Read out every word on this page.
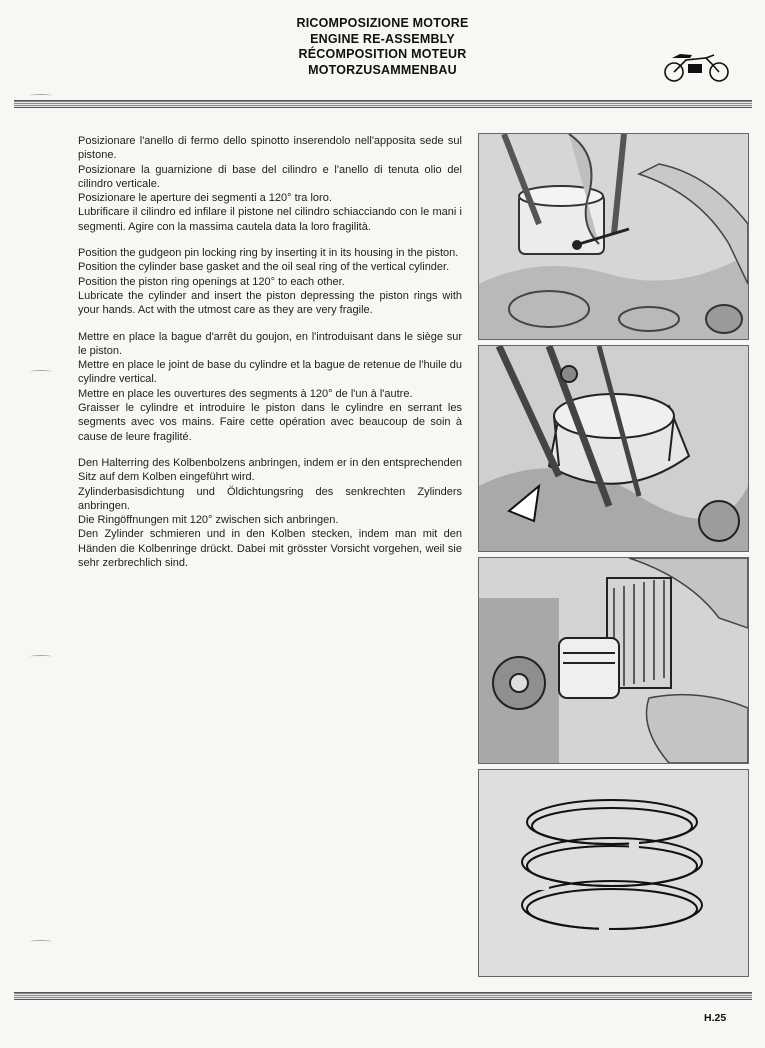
RICOMPOSIZIONE MOTORE
ENGINE RE-ASSEMBLY
RÉCOMPOSITION MOTEUR
MOTORZUSAMMENBAU

Posizionare l'anello di fermo dello spinotto inserendolo nell'apposita sede sul pistone.

Posizionare la guarnizione di base del cilindro e l'anello di tenuta olio del cilindro verticale.

Posizionare le aperture dei segmenti a 120° tra loro.

Lubrificare il cilindro ed infilare il pistone nel cilindro schiacciando con le mani i segmenti. Agire con la massima cautela data la loro fragilità.

Position the gudgeon pin locking ring by inserting it in its housing in the piston.

Position the cylinder base gasket and the oil seal ring of the vertical cylinder.

Position the piston ring openings at 120° to each other.

Lubricate the cylinder and insert the piston depressing the piston rings with your hands. Act with the utmost care as they are very fragile.

Mettre en place la bague d'arrêt du goujon, en l'introduisant dans le siège sur le piston.

Mettre en place le joint de base du cylindre et la bague de retenue de l'huile du cylindre vertical.

Mettre en place les ouvertures des segments à 120° de l'un à l'autre.

Graisser le cylindre et introduire le piston dans le cylindre en serrant les segments avec vos mains. Faire cette opération avec beaucoup de soin à cause de leure fragilité.

Den Halterring des Kolbenbolzens anbringen, indem er in den entsprechenden Sitz auf dem Kolben eingeführt wird.

Zylinderbasisdichtung und Öldichtungsring des senkrechten Zylinders anbringen.

Die Ringöffnungen mit 120° zwischen sich anbringen.

Den Zylinder schmieren und in den Kolben stecken, indem man mit den Händen die Kolbenringe drückt. Dabei mit grösster Vorsicht vorgehen, weil sie sehr zerbrechlich sind.

H.25
